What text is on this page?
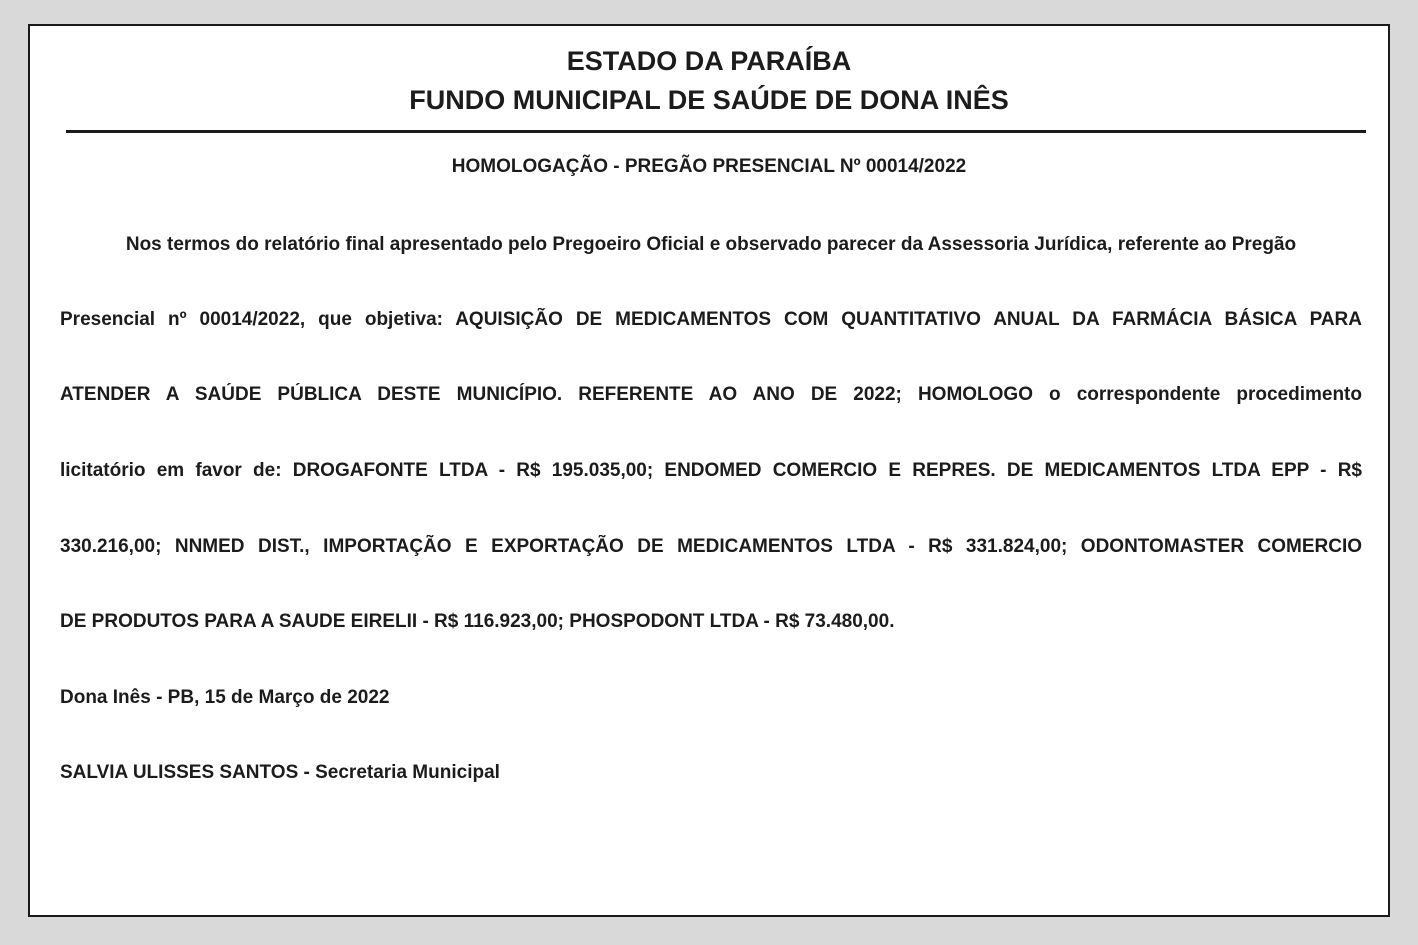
ESTADO DA PARAÍBA
FUNDO MUNICIPAL DE SAÚDE DE DONA INÊS
HOMOLOGAÇÃO - PREGÃO PRESENCIAL Nº 00014/2022
Nos termos do relatório final apresentado pelo Pregoeiro Oficial e observado parecer da Assessoria Jurídica, referente ao Pregão
Presencial nº 00014/2022, que objetiva: AQUISIÇÃO DE MEDICAMENTOS COM QUANTITATIVO ANUAL DA FARMÁCIA BÁSICA PARA
ATENDER A SAÚDE PÚBLICA DESTE MUNICÍPIO. REFERENTE AO ANO DE 2022; HOMOLOGO o correspondente procedimento
licitatório em favor de: DROGAFONTE LTDA - R$ 195.035,00; ENDOMED COMERCIO E REPRES. DE MEDICAMENTOS LTDA EPP - R$
330.216,00; NNMED DIST., IMPORTAÇÃO E EXPORTAÇÃO DE MEDICAMENTOS LTDA - R$ 331.824,00; ODONTOMASTER COMERCIO
DE PRODUTOS PARA A SAUDE EIRELII - R$ 116.923,00; PHOSPODONT LTDA - R$ 73.480,00.
Dona Inês - PB, 15 de Março de 2022
SALVIA ULISSES SANTOS - Secretaria Municipal
